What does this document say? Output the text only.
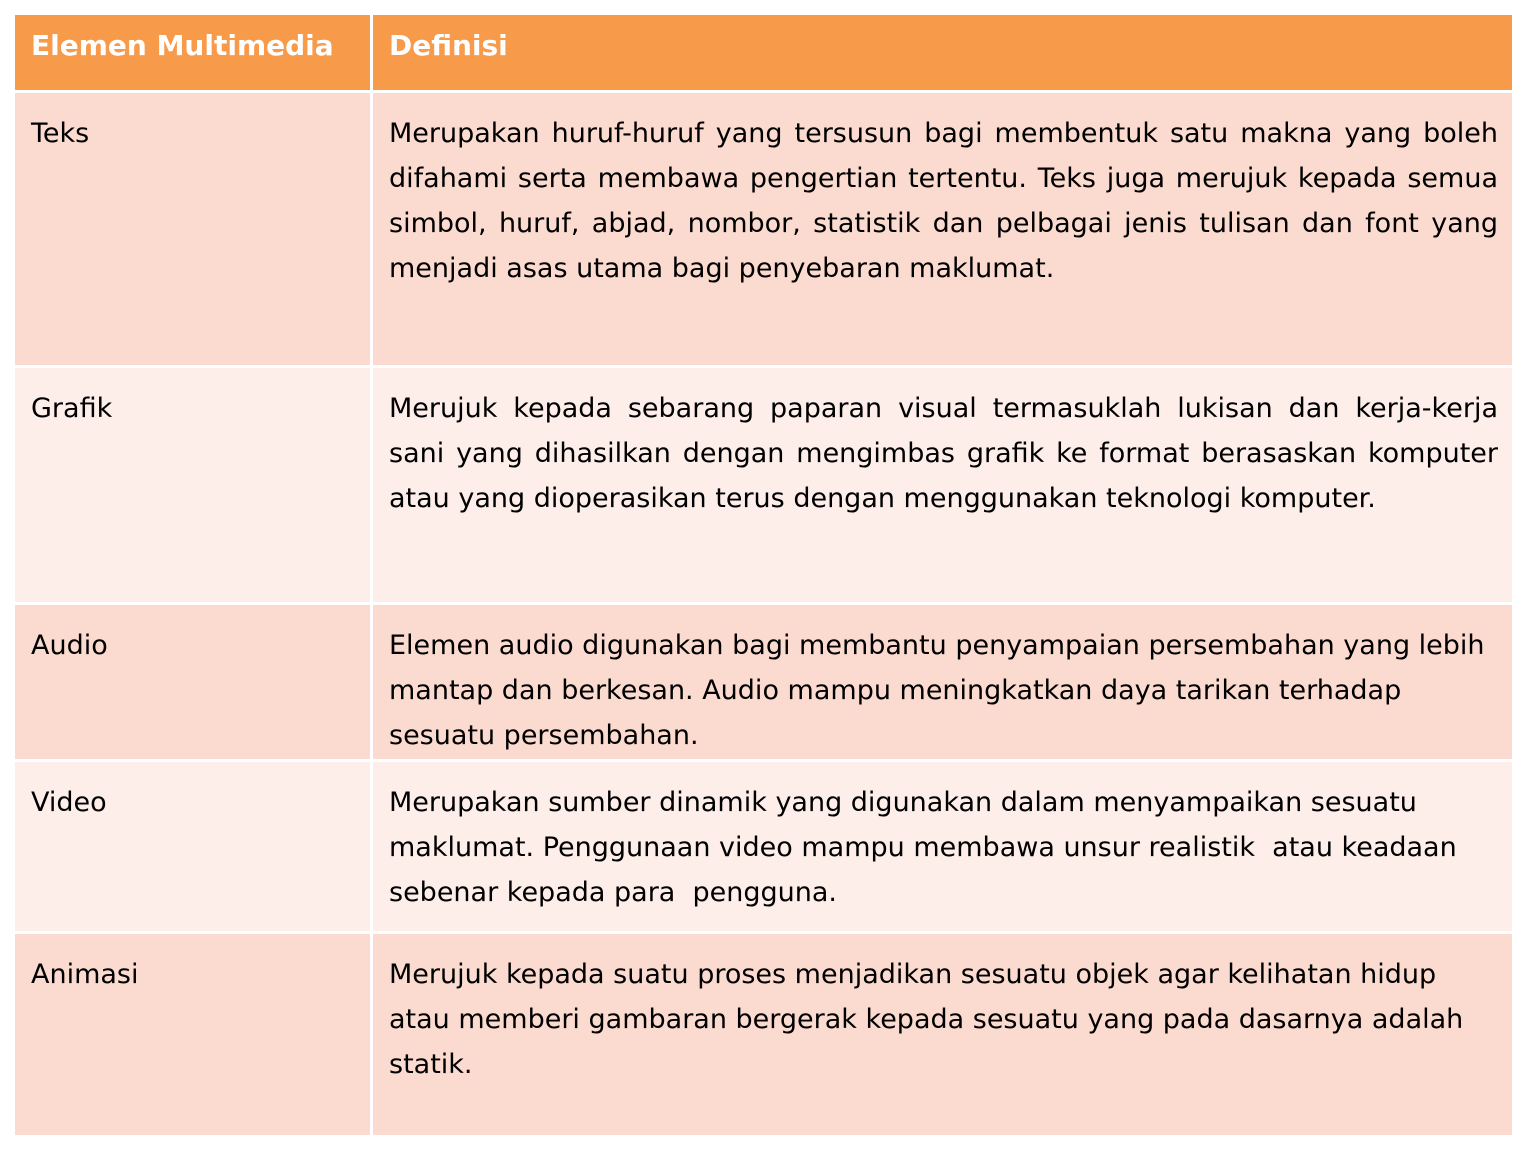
Elemen Multimedia	Definisi
Teks	Merupakan huruf-huruf yang tersusun bagi membentuk satu makna yang boleh difahami serta membawa pengertian tertentu. Teks juga merujuk kepada semua simbol, huruf, abjad, nombor, statistik dan pelbagai jenis tulisan dan font yang menjadi asas utama bagi penyebaran maklumat.
Grafik	Merujuk kepada sebarang paparan visual termasuklah lukisan dan kerja-kerja sani yang dihasilkan dengan mengimbas grafik ke format berasaskan komputer atau yang dioperasikan terus dengan menggunakan teknologi komputer.
Audio	Elemen audio digunakan bagi membantu penyampaian persembahan yang lebih mantap dan berkesan. Audio mampu meningkatkan daya tarikan terhadap sesuatu persembahan.
Video	Merupakan sumber dinamik yang digunakan dalam menyampaikan sesuatu maklumat. Penggunaan video mampu membawa unsur realistik  atau keadaan sebenar kepada para  pengguna.
Animasi	Merujuk kepada suatu proses menjadikan sesuatu objek agar kelihatan hidup atau memberi gambaran bergerak kepada sesuatu yang pada dasarnya adalah statik.
